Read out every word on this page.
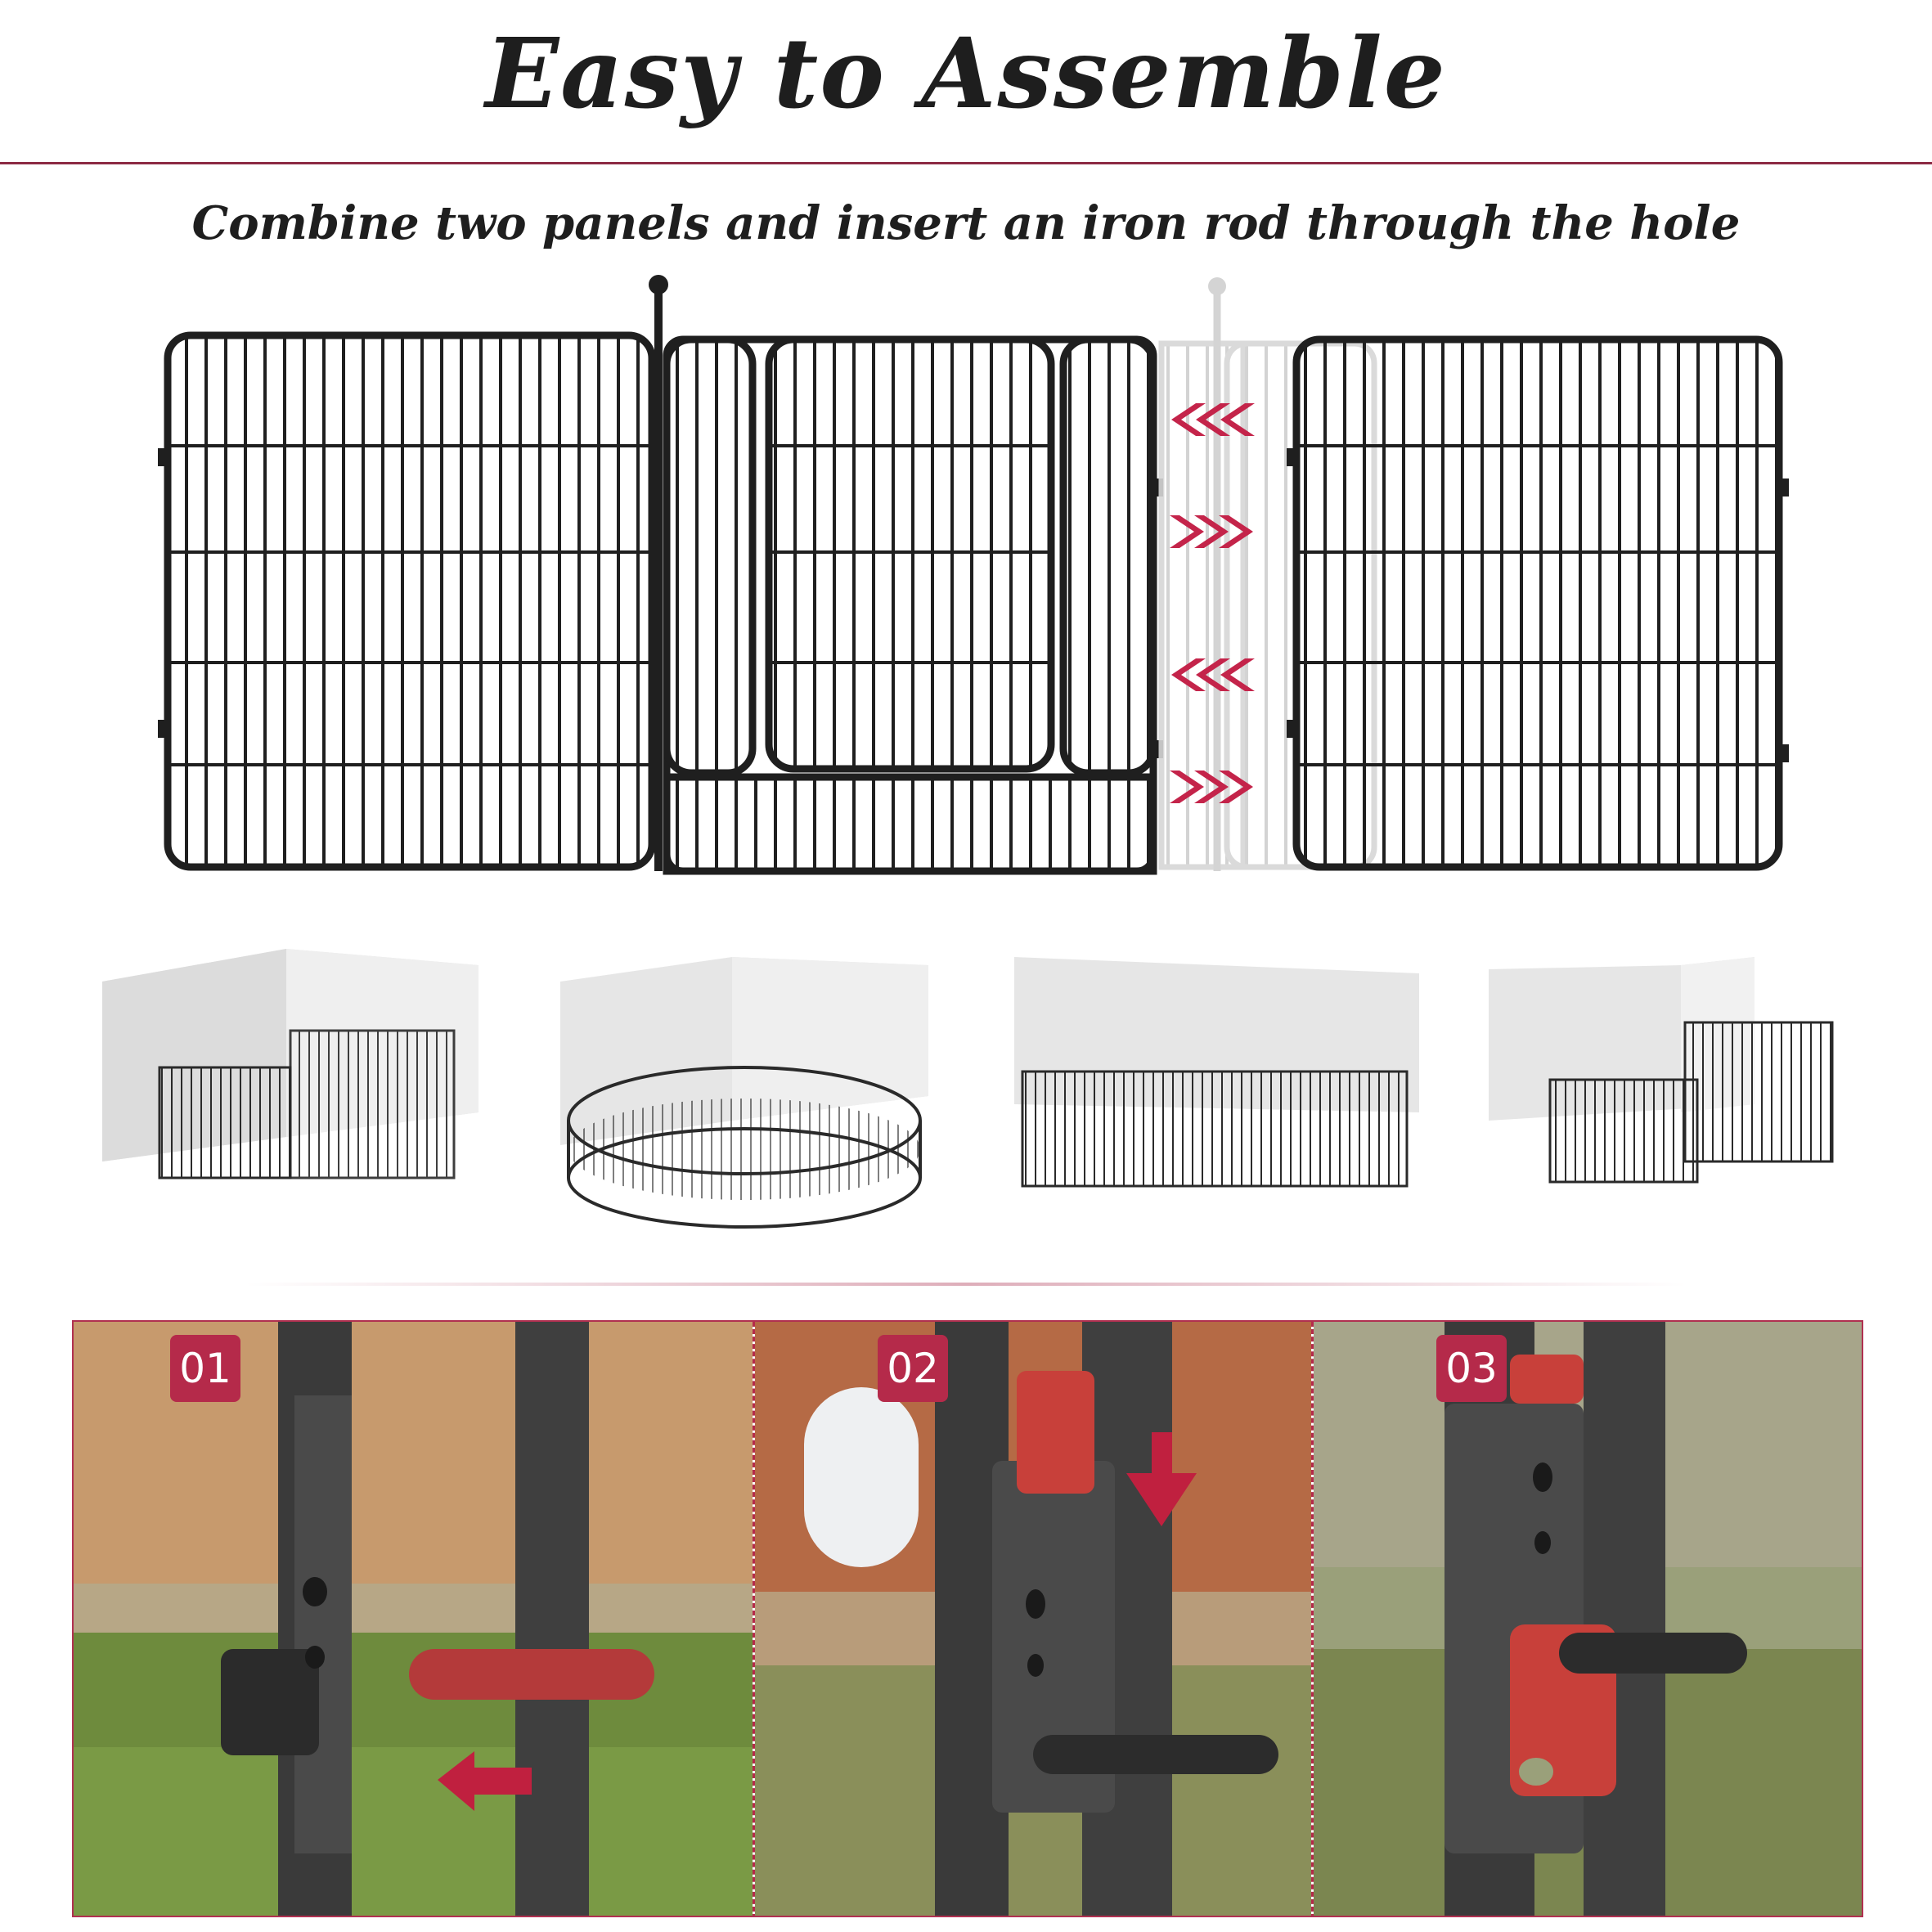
Easy to Assemble
Combine two panels and insert an iron rod through the hole
01	02	03
